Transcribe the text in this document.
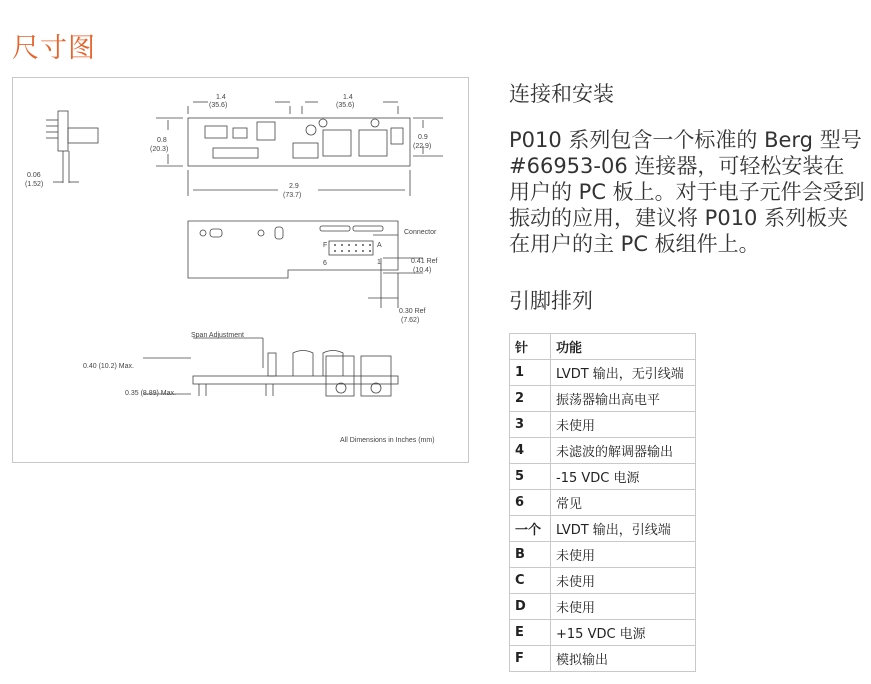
尺寸图
1.4
(35.6)
1.4
(35.6)
0.8
(20.3)
0.9
(22.9)
0.06
(1.52)	2.9
(73.7)
Connector
F	A
6	1	0.41 Ref
(10.4)
0.30 Ref
(7.62)
Span Adjustment
0.40 (10.2) Max.
0.35 (8.89) Max.
All Dimensions in Inches (mm)
连接和安装
P010 系列包含一个标准的 Berg 型号 #66953-06 连接器，可轻松安装在用户的 PC 板上。对于电子元件会受到振动的应用，建议将 P010 系列板夹在用户的主 PC 板组件上。
引脚排列
针	功能
1	LVDT 输出，无引线端
2	振荡器输出高电平
3	未使用
4	未滤波的解调器输出
5	-15 VDC 电源
6	常见
一个	LVDT 输出，引线端
B	未使用
C	未使用
D	未使用
E	+15 VDC 电源
F	模拟输出
